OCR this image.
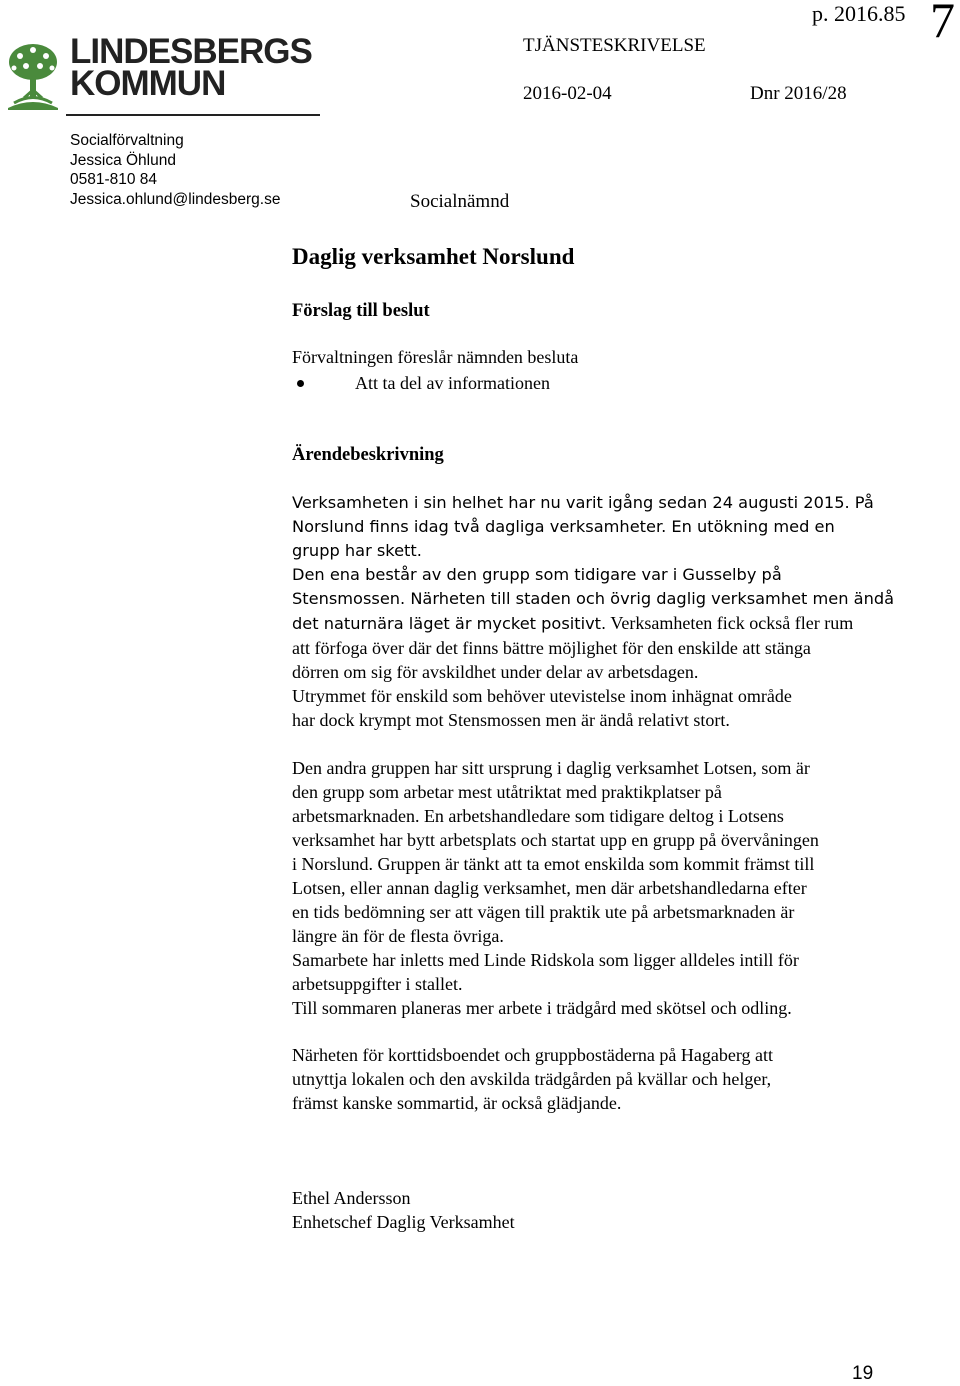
p. 2016.85 7
TJÄNSTESKRIVELSE
2016-02-04	Dnr 2016/28
LINDESBERGS
KOMMUN
Socialförvaltning
Jessica Öhlund
0581-810 84
Jessica.ohlund@lindesberg.se	Socialnämnd
Daglig verksamhet Norslund
Förslag till beslut
Förvaltningen föreslår nämnden besluta
Att ta del av informationen
Ärendebeskrivning
Verksamheten i sin helhet har nu varit igång sedan 24 augusti 2015. På
Norslund finns idag två dagliga verksamheter. En utökning med en
grupp har skett.
Den ena består av den grupp som tidigare var i Gusselby på
Stensmossen. Närheten till staden och övrig daglig verksamhet men ändå
det naturnära läget är mycket positivt. Verksamheten fick också fler rum
att förfoga över där det finns bättre möjlighet för den enskilde att stänga
dörren om sig för avskildhet under delar av arbetsdagen.
Utrymmet för enskild som behöver utevistelse inom inhägnat område
har dock krympt mot Stensmossen men är ändå relativt stort.
Den andra gruppen har sitt ursprung i daglig verksamhet Lotsen, som är
den grupp som arbetar mest utåtriktat med praktikplatser på
arbetsmarknaden. En arbetshandledare som tidigare deltog i Lotsens
verksamhet har bytt arbetsplats och startat upp en grupp på övervåningen
i Norslund. Gruppen är tänkt att ta emot enskilda som kommit främst till
Lotsen, eller annan daglig verksamhet, men där arbetshandledarna efter
en tids bedömning ser att vägen till praktik ute på arbetsmarknaden är
längre än för de flesta övriga.
Samarbete har inletts med Linde Ridskola som ligger alldeles intill för
arbetsuppgifter i stallet.
Till sommaren planeras mer arbete i trädgård med skötsel och odling.
Närheten för korttidsboendet och gruppbostäderna på Hagaberg att
utnyttja lokalen och den avskilda trädgården på kvällar och helger,
främst kanske sommartid, är också glädjande.
Ethel Andersson
Enhetschef Daglig Verksamhet
19
